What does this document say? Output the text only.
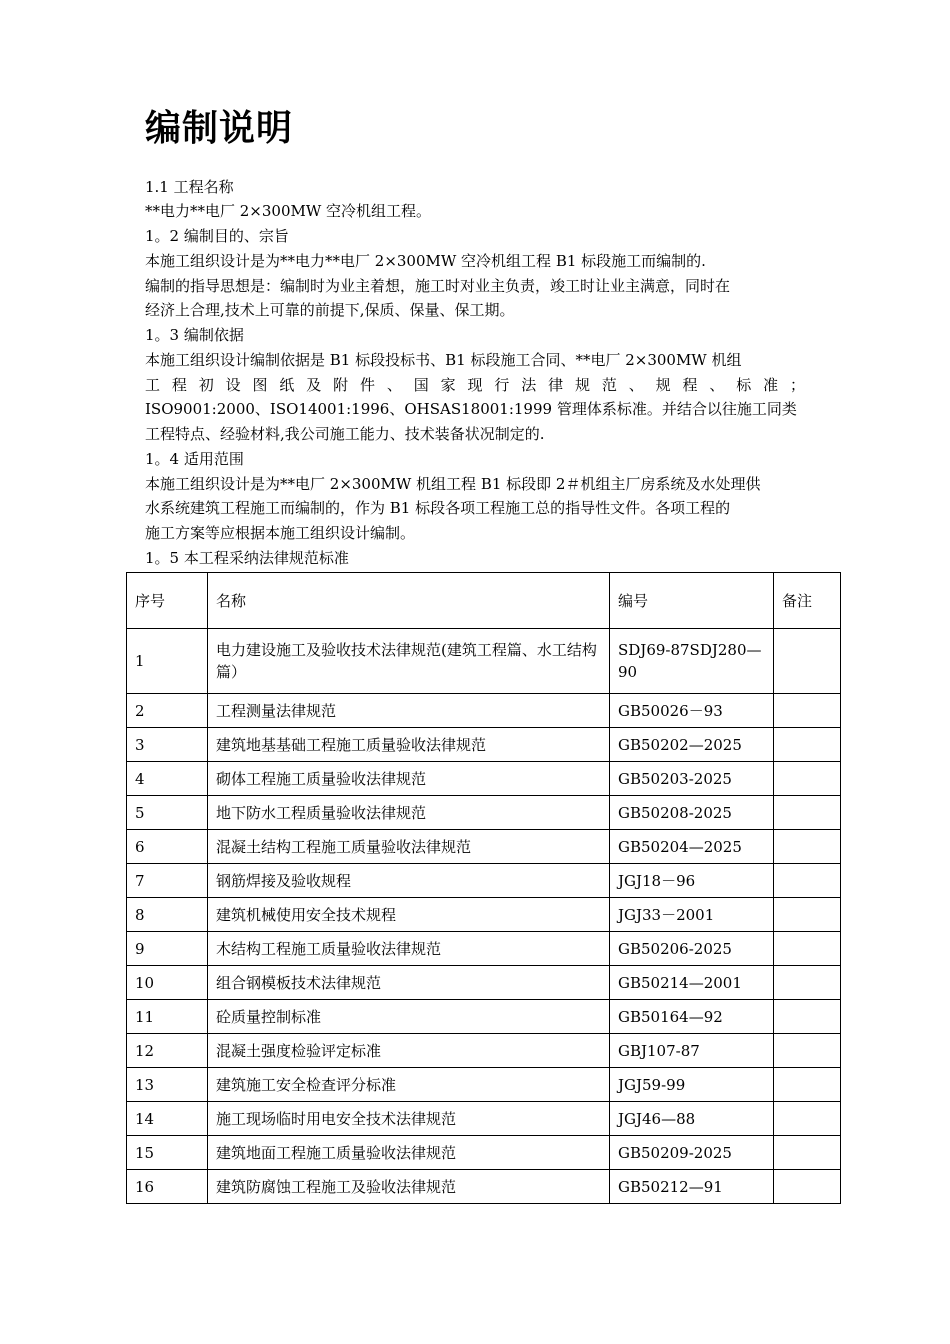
编制说明
1.1 工程名称
**电力**电厂 2×300MW 空冷机组工程。
1。2 编制目的、宗旨
本施工组织设计是为**电力**电厂 2×300MW 空冷机组工程 B1 标段施工而编制的.
编制的指导思想是：编制时为业主着想，施工时对业主负责，竣工时让业主满意，同时在
经济上合理,技术上可靠的前提下,保质、保量、保工期。
1。3 编制依据
本施工组织设计编制依据是 B1 标段投标书、B1 标段施工合同、**电厂 2×300MW 机组
工程初设图纸及附件、国家现行法律规范、规程、标准；
ISO9001:2000、ISO14001:1996、OHSAS18001:1999 管理体系标准。并结合以往施工同类
工程特点、经验材料,我公司施工能力、技术装备状况制定的.
1。4 适用范围
本施工组织设计是为**电厂 2×300MW 机组工程 B1 标段即 2＃机组主厂房系统及水处理供
水系统建筑工程施工而编制的，作为 B1 标段各项工程施工总的指导性文件。各项工程的
施工方案等应根据本施工组织设计编制。
1。5 本工程采纳法律规范标准
序号	名称	编号	备注
1	电力建设施工及验收技术法律规范(建筑工程篇、水工结构篇）	SDJ69-87SDJ280—90	
2	工程测量法律规范	GB50026－93	
3	建筑地基基础工程施工质量验收法律规范	GB50202—2025	
4	砌体工程施工质量验收法律规范	GB50203-2025	
5	地下防水工程质量验收法律规范	GB50208-2025	
6	混凝土结构工程施工质量验收法律规范	GB50204—2025	
7	钢筋焊接及验收规程	JGJ18－96	
8	建筑机械使用安全技术规程	JGJ33－2001	
9	木结构工程施工质量验收法律规范	GB50206-2025	
10	组合钢模板技术法律规范	GB50214—2001	
11	砼质量控制标准	GB50164—92	
12	混凝土强度检验评定标准	GBJ107-87	
13	建筑施工安全检查评分标准	JGJ59-99	
14	施工现场临时用电安全技术法律规范	JGJ46—88	
15	建筑地面工程施工质量验收法律规范	GB50209-2025	
16	建筑防腐蚀工程施工及验收法律规范	GB50212—91	
